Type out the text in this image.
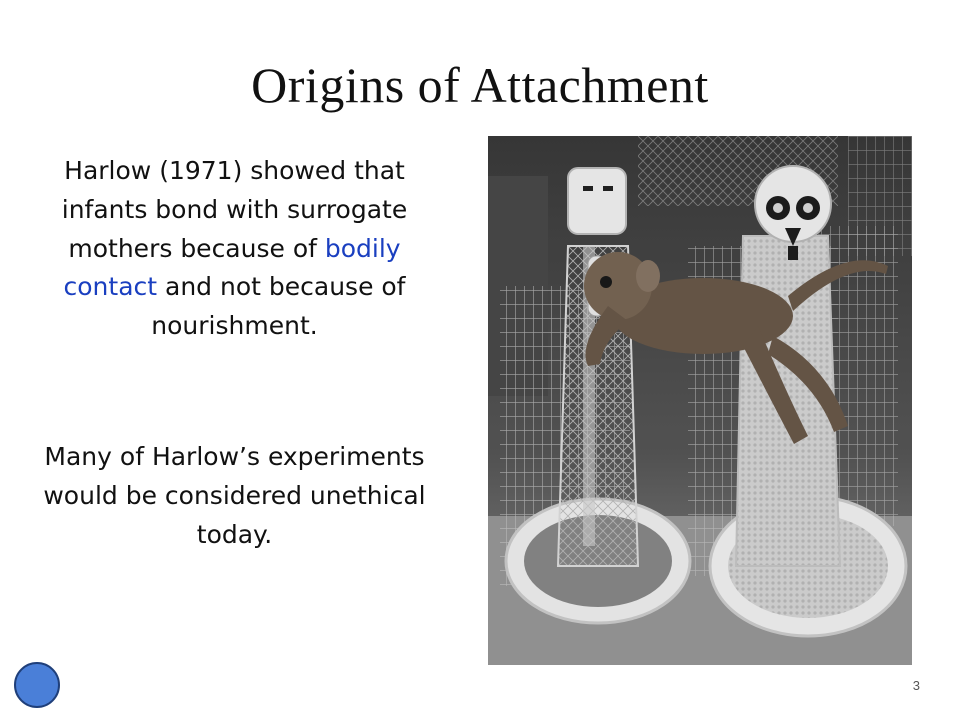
Origins of Attachment
Harlow (1971) showed that infants bond with surrogate mothers because of bodily contact and not because of nourishment.
Many of Harlow’s experiments would be considered unethical today.
3
